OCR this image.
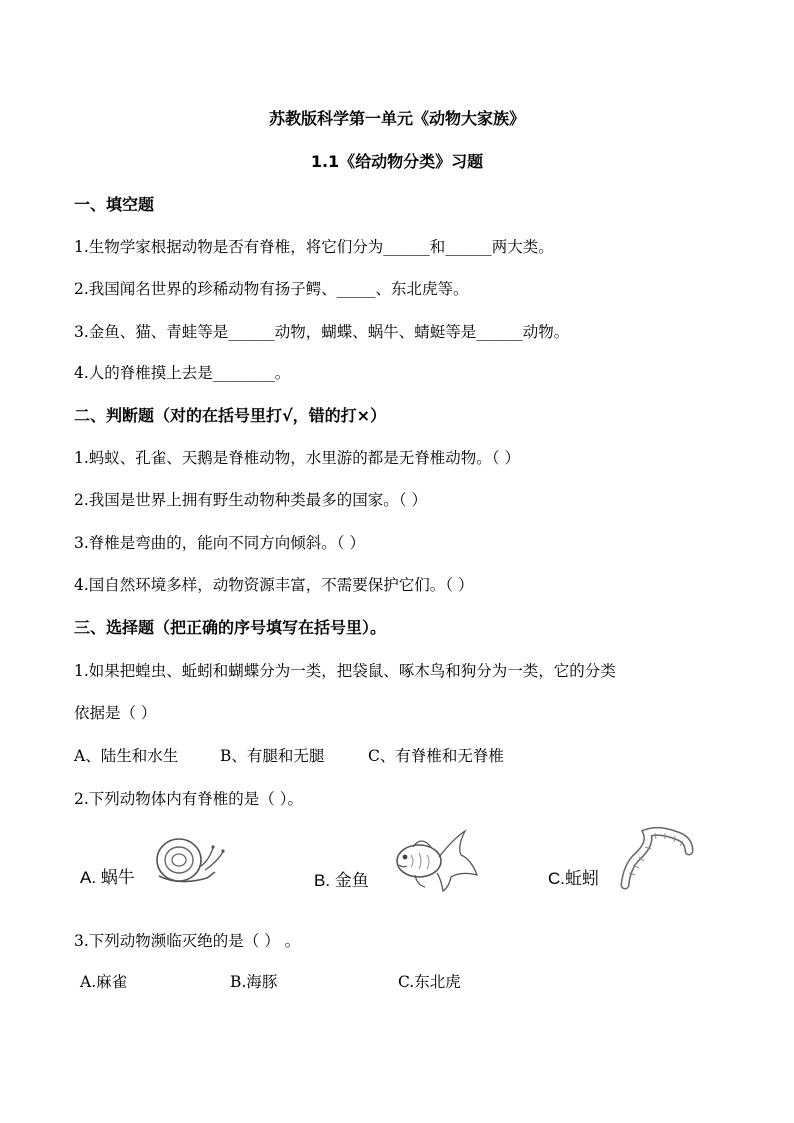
苏教版科学第一单元《动物大家族》
1.1《给动物分类》习题
一、填空题
1.生物学家根据动物是否有脊椎，将它们分为______和______两大类。
2.我国闻名世界的珍稀动物有扬子鳄、_____、东北虎等。
3.金鱼、猫、青蛙等是______动物，蝴蝶、蜗牛、蜻蜓等是______动物。
4.人的脊椎摸上去是________。
二、判断题（对的在括号里打√，错的打×）
1.蚂蚁、孔雀、天鹅是脊椎动物，水里游的都是无脊椎动物。（ ）
2.我国是世界上拥有野生动物种类最多的国家。（ ）
3.脊椎是弯曲的，能向不同方向倾斜。（ ）
4.国自然环境多样，动物资源丰富，不需要保护它们。（ ）
三、选择题（把正确的序号填写在括号里）。
1.如果把蝗虫、蚯蚓和蝴蝶分为一类，把袋鼠、啄木鸟和狗分为一类，它的分类
依据是（ ）
A、陆生和水生	B、有腿和无腿	C、有脊椎和无脊椎
2.下列动物体内有脊椎的是（ ）。
A. 蜗牛	B. 金鱼	C.蚯蚓
3.下列动物濒临灭绝的是（ ） 。
A.麻雀	B.海豚	C.东北虎
